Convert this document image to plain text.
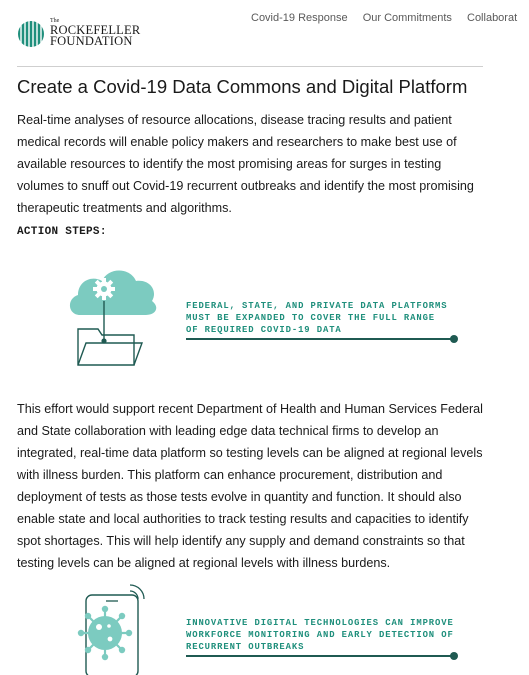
The
ROCKEFELLER
FOUNDATION
Covid-19 Response Our Commitments Collaborat
Create a Covid-19 Data Commons and Digital Platform

Real-time analyses of resource allocations, disease tracing results and patient medical records will enable policy makers and researchers to make best use of available resources to identify the most promising areas for surges in testing volumes to snuff out Covid-19 recurrent outbreaks and identify the most promising therapeutic treatments and algorithms.

ACTION STEPS:
FEDERAL, STATE, AND PRIVATE DATA PLATFORMS
MUST BE EXPANDED TO COVER THE FULL RANGE
OF REQUIRED COVID-19 DATA

This effort would support recent Department of Health and Human Services Federal and State collaboration with leading edge data technical firms to develop an integrated, real-time data platform so testing levels can be aligned at regional levels with illness burden. This platform can enhance procurement, distribution and deployment of tests as those tests evolve in quantity and function. It should also enable state and local authorities to track testing results and capacities to identify spot shortages. This will help identify any supply and demand constraints so that testing levels can be aligned at regional levels with illness burdens.

INNOVATIVE DIGITAL TECHNOLOGIES CAN IMPROVE
WORKFORCE MONITORING AND EARLY DETECTION OF
RECURRENT OUTBREAKS
